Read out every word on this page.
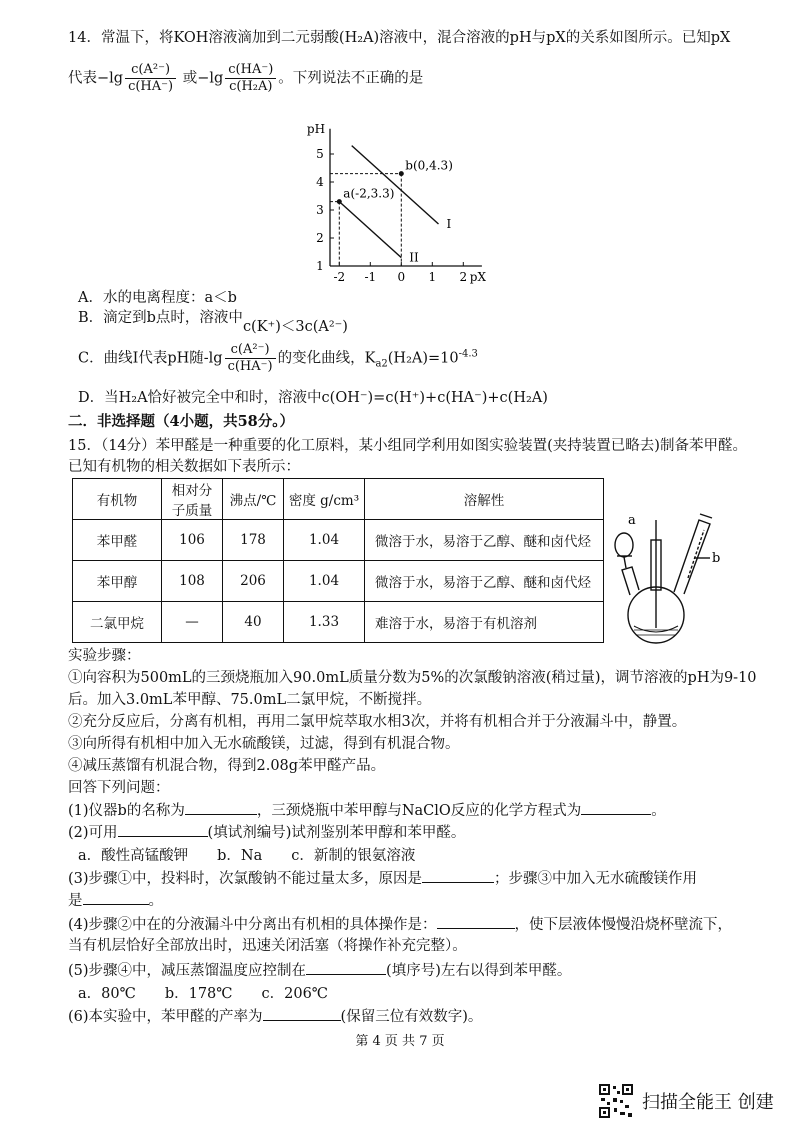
14．常温下，将KOH溶液滴加到二元弱酸(H₂A)溶液中，混合溶液的pH与pX的关系如图所示。已知pX
代表$-\lg \frac{\text{c(A²⁻)}}{c(HA^-)}$ 或$-\lg \frac{c(HA^-)}{\text{c(H₂A)}}$ 。下列说法不正确的是
-2 -1 0 1 2
1
2
3
4
5
pX
pH
I
II
a(-2,3.3)
b(0,4.3)
A．水的电离程度：a＜b
B．滴定到b点时，溶液中c(K⁺)＜3c(A²⁻)
C．曲线I代表pH随$-\lg \frac{\text{c(A²⁻)}}{c(HA^-)}$ 的变化曲线，$K_{a2}(H_2A)=10^{-4.3}$
D．当H₂A恰好被完全中和时，溶液中c(OH⁻)=c(H⁺)+c(HA⁻)+c(H₂A)
二．非选择题（4小题，共58分。）
15．（14分）苯甲醛是一种重要的化工原料，某小组同学利用如图实验装置(夹持装置已略去)制备苯甲醛。
已知有机物的相关数据如下表所示：
有机物	相对分子质量	沸点/℃	密度 g/cm³	溶解性
苯甲醛	106	178	1.04	微溶于水，易溶于乙醇、醚和卤代烃
苯甲醇	108	206	1.04	微溶于水，易溶于乙醇、醚和卤代烃
二氯甲烷	—	40	1.33	难溶于水，易溶于有机溶剂
a
b
实验步骤：
①向容积为500mL的三颈烧瓶加入90.0mL质量分数为5%的次氯酸钠溶液(稍过量)，调节溶液的pH为9-10
后。加入3.0mL苯甲醇、75.0mL二氯甲烷，不断搅拌。
②充分反应后，分离有机相，再用二氯甲烷萃取水相3次，并将有机相合并于分液漏斗中，静置。
③向所得有机相中加入无水硫酸镁，过滤，得到有机混合物。
④减压蒸馏有机混合物，得到2.08g苯甲醛产品。
回答下列问题：
(1)仪器b的名称为	，三颈烧瓶中苯甲醇与NaClO反应的化学方程式为	。
(2)可用	(填试剂编号)试剂鉴别苯甲醇和苯甲醛。
a．酸性高锰酸钾　　b．Na　　c．新制的银氨溶液
(3)步骤①中，投料时，次氯酸钠不能过量太多，原因是	；步骤③中加入无水硫酸镁作用
是	。
(4)步骤②中在的分液漏斗中分离出有机相的具体操作是：	，使下层液体慢慢沿烧杯壁流下，
当有机层恰好全部放出时，迅速关闭活塞（将操作补充完整）。
(5)步骤④中，减压蒸馏温度应控制在	(填序号)左右以得到苯甲醛。
a．80℃　　b．178℃　　c．206℃
(6)本实验中，苯甲醛的产率为	(保留三位有效数字)。
第 4 页 共 7 页
扫描全能王 创建
